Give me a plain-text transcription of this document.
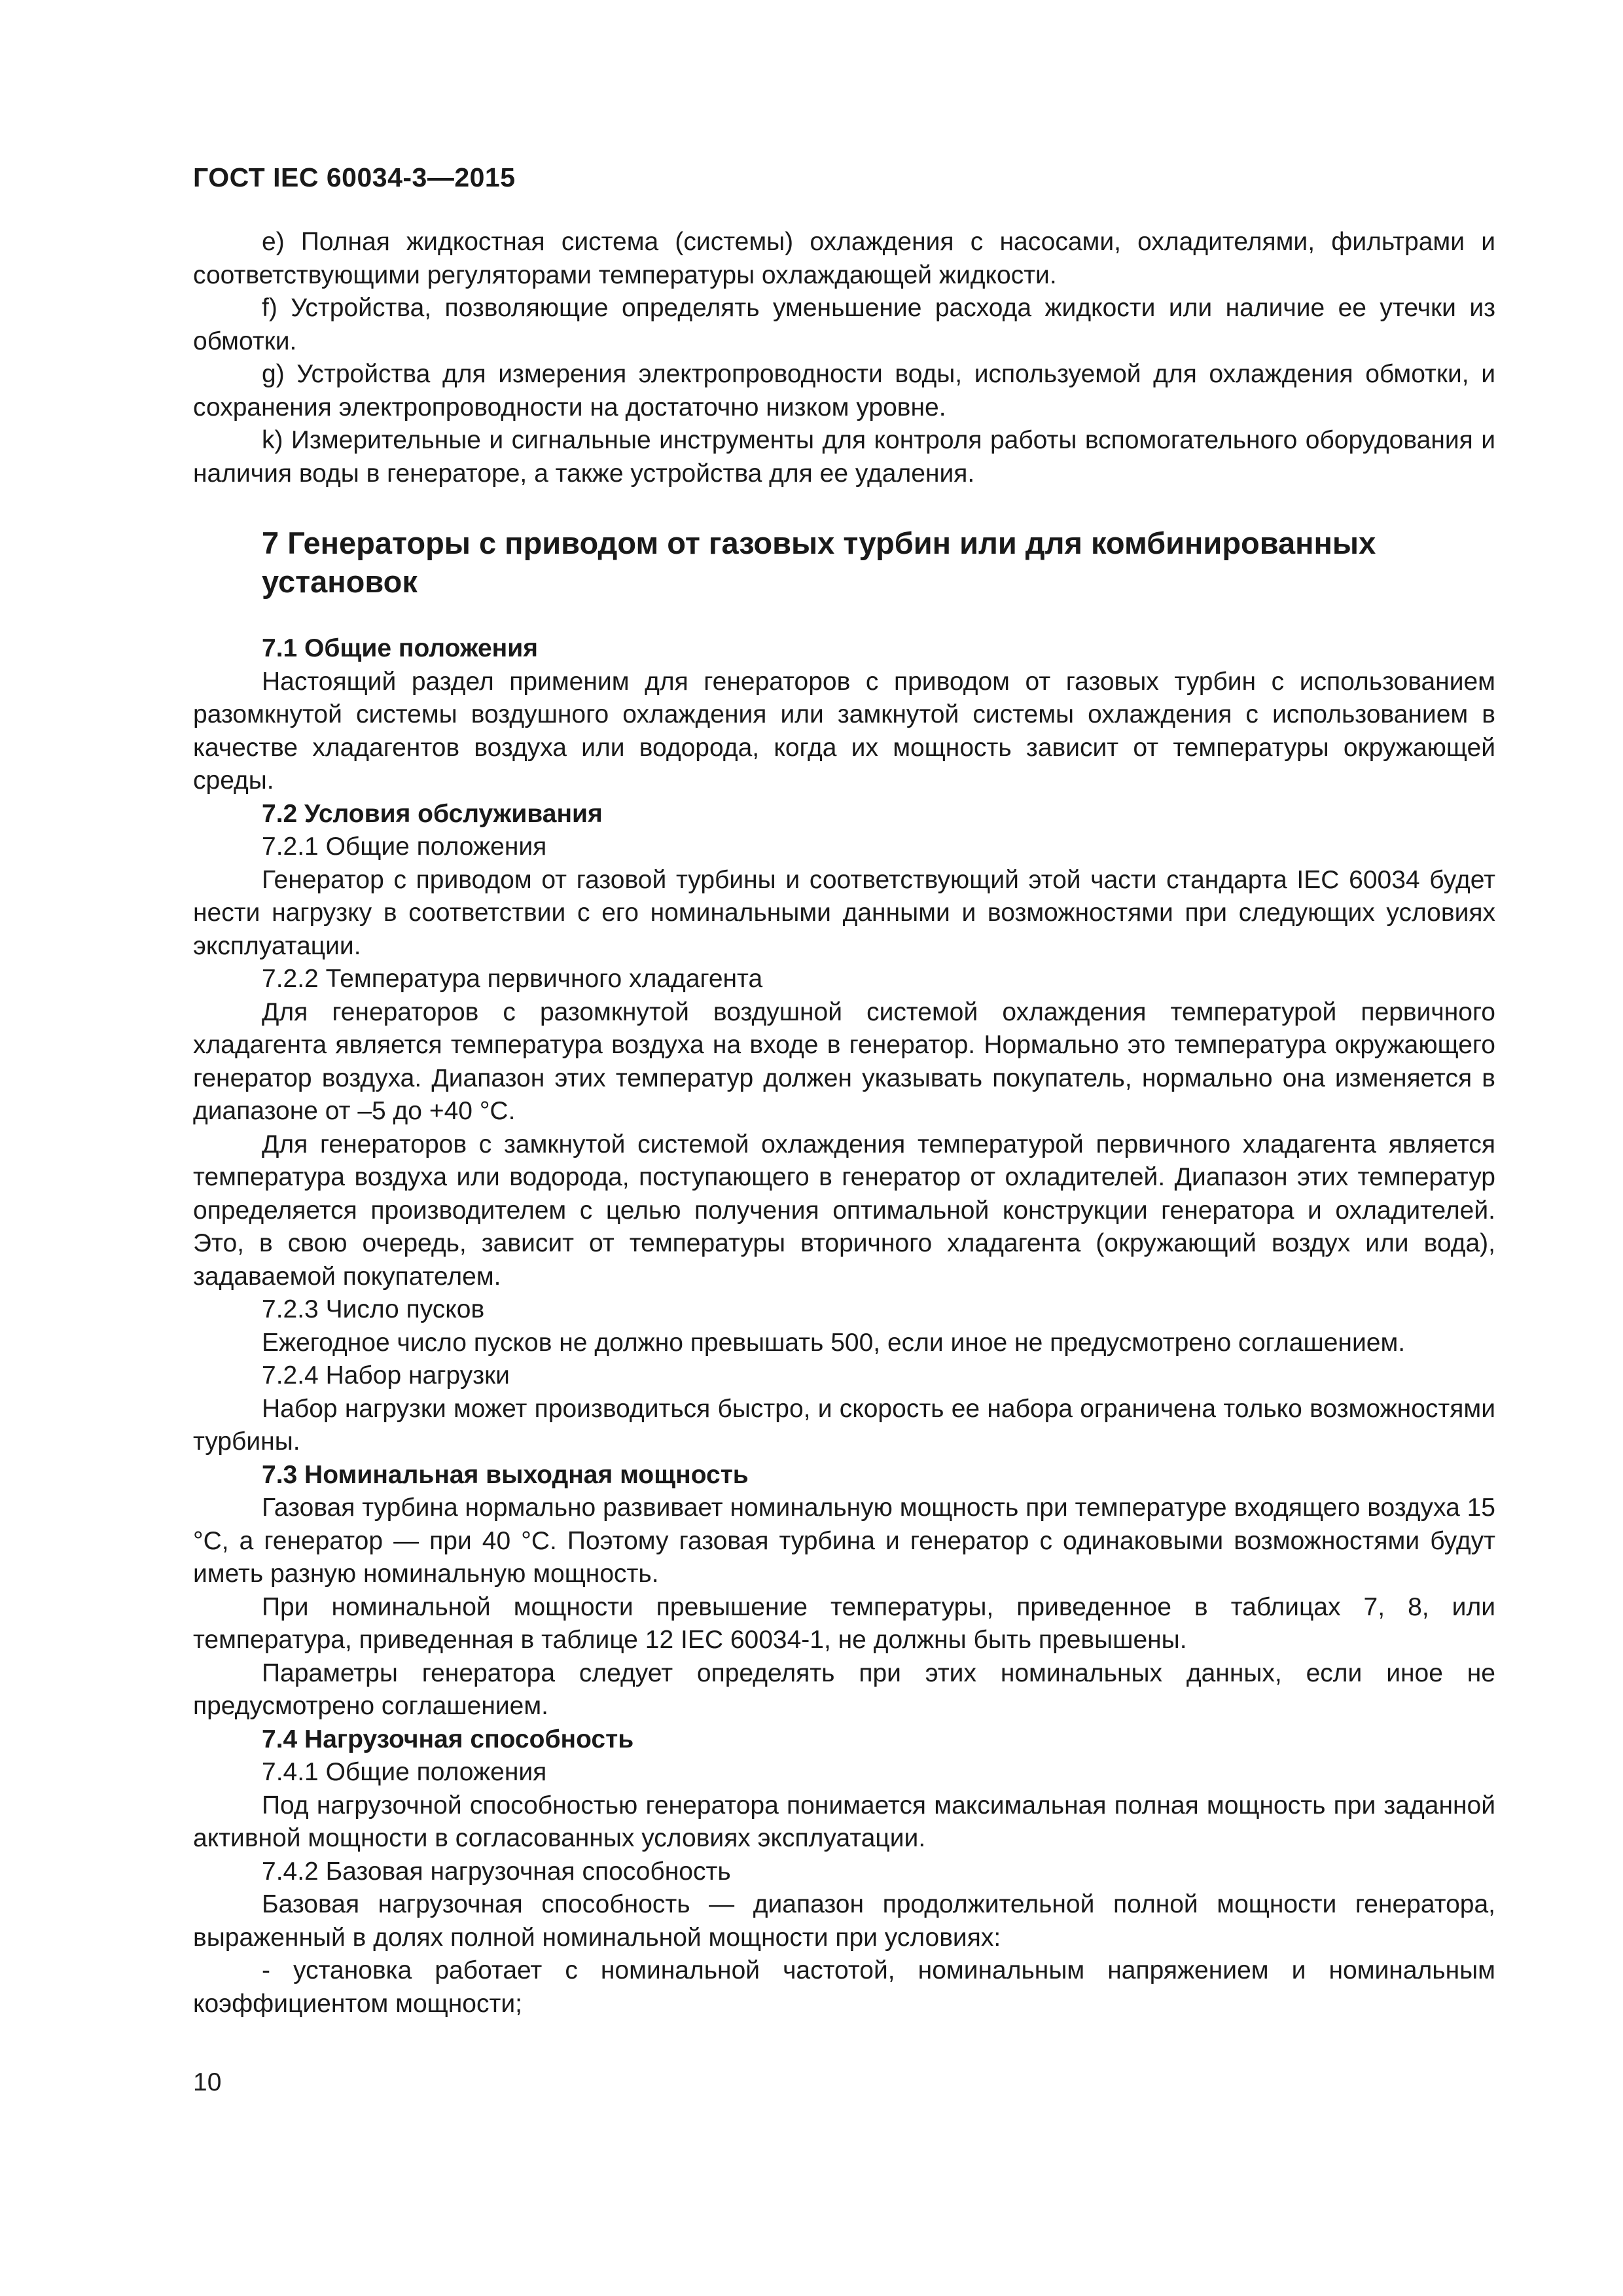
ГОСТ IEC 60034-3—2015

е) Полная жидкостная система (системы) охлаждения с насосами, охладителями, фильтрами и соответствующими регуляторами температуры охлаждающей жидкости.

f) Устройства, позволяющие определять уменьшение расхода жидкости или наличие ее утечки из обмотки.

g) Устройства для измерения электропроводности воды, используемой для охлаждения обмотки, и сохранения электропроводности на достаточно низком уровне.

k) Измерительные и сигнальные инструменты для контроля работы вспомогательного оборудования и наличия воды в генераторе, а также устройства для ее удаления.

7 Генераторы с приводом от газовых турбин или для комбинированных установок
7.1 Общие положения

Настоящий раздел применим для генераторов с приводом от газовых турбин с использованием разомкнутой системы воздушного охлаждения или замкнутой системы охлаждения с использованием в качестве хладагентов воздуха или водорода, когда их мощность зависит от температуры окружающей среды.

7.2 Условия обслуживания
7.2.1 Общие положения

Генератор с приводом от газовой турбины и соответствующий этой части стандарта IEC 60034 будет нести нагрузку в соответствии с его номинальными данными и возможностями при следующих условиях эксплуатации.

7.2.2 Температура первичного хладагента

Для генераторов с разомкнутой воздушной системой охлаждения температурой первичного хладагента является температура воздуха на входе в генератор. Нормально это температура окружающего генератор воздуха. Диапазон этих температур должен указывать покупатель, нормально она изменяется в диапазоне от –5 до +40 °С.

Для генераторов с замкнутой системой охлаждения температурой первичного хладагента является температура воздуха или водорода, поступающего в генератор от охладителей. Диапазон этих температур определяется производителем с целью получения оптимальной конструкции генератора и охладителей. Это, в свою очередь, зависит от температуры вторичного хладагента (окружающий воздух или вода), задаваемой покупателем.

7.2.3 Число пусков

Ежегодное число пусков не должно превышать 500, если иное не предусмотрено соглашением.

7.2.4 Набор нагрузки

Набор нагрузки может производиться быстро, и скорость ее набора ограничена только возможностями турбины.

7.3 Номинальная выходная мощность

Газовая турбина нормально развивает номинальную мощность при температуре входящего воздуха 15 °С, а генератор — при 40 °С. Поэтому газовая турбина и генератор с одинаковыми возможностями будут иметь разную номинальную мощность.

При номинальной мощности превышение температуры, приведенное в таблицах 7, 8, или температура, приведенная в таблице 12 IEC 60034-1, не должны быть превышены.

Параметры генератора следует определять при этих номинальных данных, если иное не предусмотрено соглашением.

7.4 Нагрузочная способность
7.4.1 Общие положения

Под нагрузочной способностью генератора понимается максимальная полная мощность при заданной активной мощности в согласованных условиях эксплуатации.

7.4.2 Базовая нагрузочная способность

Базовая нагрузочная способность — диапазон продолжительной полной мощности генератора, выраженный в долях полной номинальной мощности при условиях:

- установка работает с номинальной частотой, номинальным напряжением и номинальным коэффициентом мощности;

10
